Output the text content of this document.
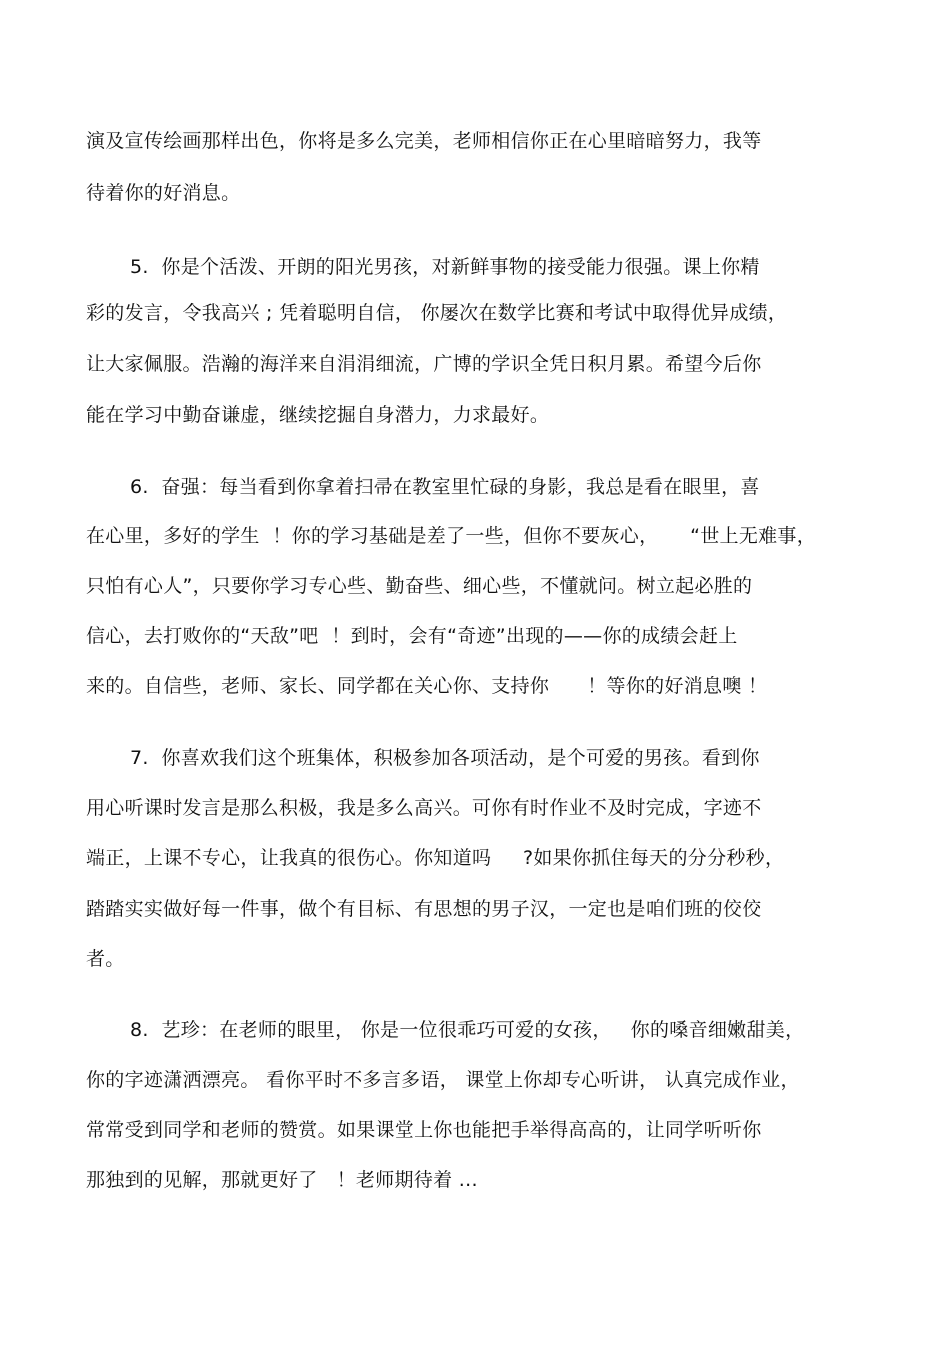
演及宣传绘画那样出色，你将是多么完美，老师相信你正在心里暗暗努力，我等
待着你的好消息。
5.  你是个活泼、开朗的阳光男孩，对新鲜事物的接受能力很强。课上你精
彩的发言，令我高兴 ; 凭着聪明自信， 你屡次在数学比赛和考试中取得优异成绩，
让大家佩服。浩瀚的海洋来自涓涓细流，广博的学识全凭日积月累。希望今后你
能在学习中勤奋谦虚，继续挖掘自身潜力，力求最好。
6.  奋强：每当看到你拿着扫帚在教室里忙碌的身影，我总是看在眼里，喜
在心里，多好的学生  ！你的学习基础是差了一些，但你不要灰心，     “世上无难事，
只怕有心人”，只要你学习专心些、勤奋些、细心些，不懂就问。树立起必胜的
信心，去打败你的“天敌”吧  ！到时，会有“奇迹”出现的——你的成绩会赶上
来的。自信些，老师、家长、同学都在关心你、支持你      ！等你的好消息噢 ！
7.  你喜欢我们这个班集体，积极参加各项活动，是个可爱的男孩。看到你
用心听课时发言是那么积极，我是多么高兴。可你有时作业不及时完成，字迹不
端正，上课不专心，让我真的很伤心。你知道吗     ?如果你抓住每天的分分秒秒，
踏踏实实做好每一件事，做个有目标、有思想的男子汉，一定也是咱们班的佼佼
者。
8.  艺珍：在老师的眼里， 你是一位很乖巧可爱的女孩，   你的嗓音细嫩甜美，
你的字迹潇洒漂亮。 看你平时不多言多语， 课堂上你却专心听讲， 认真完成作业，
常常受到同学和老师的赞赏。如果课堂上你也能把手举得高高的，让同学听听你
那独到的见解，那就更好了   ！老师期待着 ...
